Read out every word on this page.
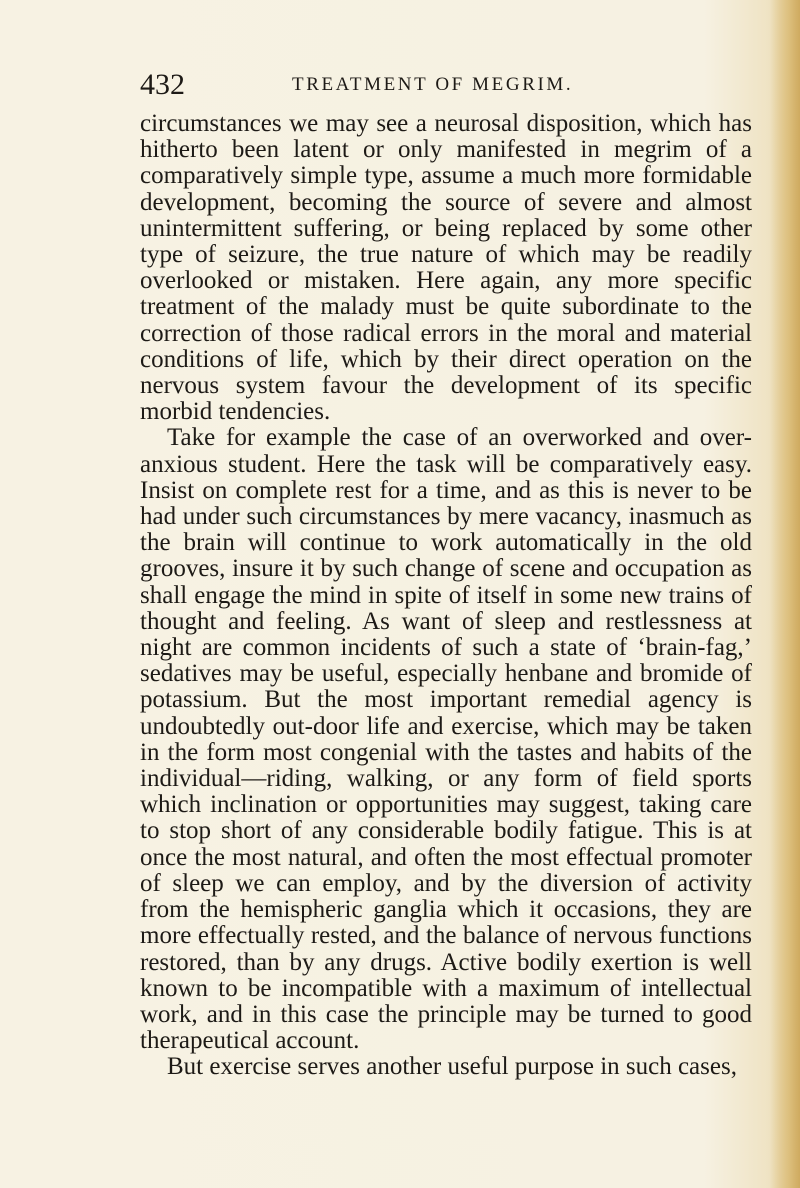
432	TREATMENT OF MEGRIM.

circumstances we may see a neurosal disposition, which has hitherto been latent or only manifested in megrim of a comparatively simple type, assume a much more formidable development, becoming the source of severe and almost unintermittent suffering, or being replaced by some other type of seizure, the true nature of which may be readily overlooked or mistaken. Here again, any more specific treatment of the malady must be quite subordinate to the correction of those radical errors in the moral and material conditions of life, which by their direct operation on the nervous system favour the development of its specific morbid tendencies.

Take for example the case of an overworked and over-anxious student. Here the task will be comparatively easy. Insist on complete rest for a time, and as this is never to be had under such circumstances by mere vacancy, inasmuch as the brain will continue to work automatically in the old grooves, insure it by such change of scene and occupation as shall engage the mind in spite of itself in some new trains of thought and feeling. As want of sleep and restlessness at night are common incidents of such a state of ‘brain-fag,’ sedatives may be useful, especially henbane and bromide of potassium. But the most important remedial agency is undoubtedly out-door life and exercise, which may be taken in the form most congenial with the tastes and habits of the individual—riding, walking, or any form of field sports which inclination or opportunities may suggest, taking care to stop short of any considerable bodily fatigue. This is at once the most natural, and often the most effectual promoter of sleep we can employ, and by the diversion of activity from the hemispheric ganglia which it occasions, they are more effectually rested, and the balance of nervous functions restored, than by any drugs. Active bodily exertion is well known to be incompatible with a maximum of intellectual work, and in this case the principle may be turned to good therapeutical account.

But exercise serves another useful purpose in such cases,
